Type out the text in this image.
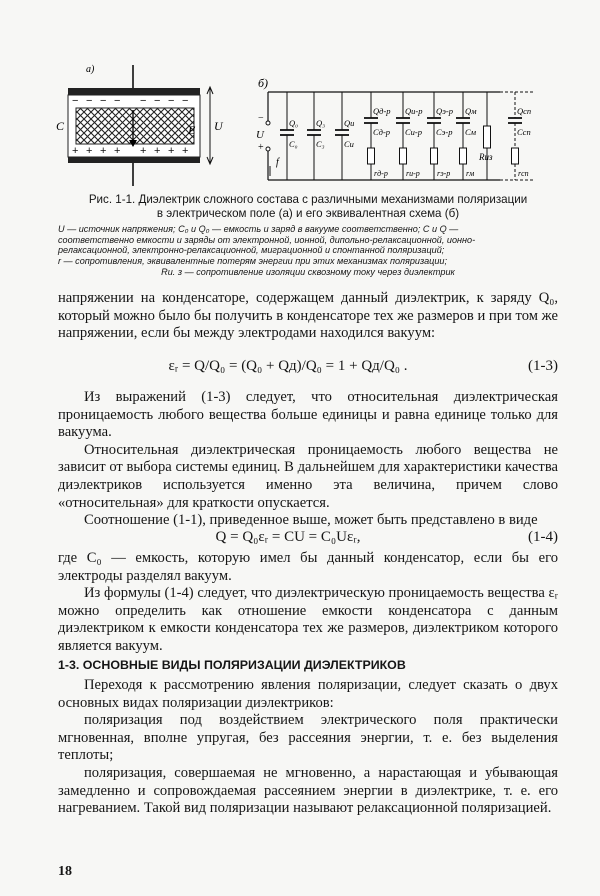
а)
− − − − − − − −
+ + + + + + + +
C	E U
б)
−
+
U
f
Q₀
C₀
Q₃
C₃
Qи
Cи
rд-р
Qд-р
Cд-р
rи-р
Qи-р
Cи-р
rэ-р
Qэ-р
Cэ-р
rм
Qм
Cм
Rиз
rсп
Qсп
Cсп
Рис. 1-1. Диэлектрик сложного состава с различными механизмами поляризации
в электрическом поле (а) и его эквивалентная схема (б)
U — источник напряжения; C₀ и Q₀ — емкость и заряд в вакууме соответственно; C и Q —
соответственно емкости и заряды от электронной, ионной, дипольно-релаксационной, ионно-
релаксационной, электронно-релаксационной, миграционной и спонтанной поляризаций;
r — сопротивления, эквивалентные потерям энергии при этих механизмах поляризации;
Rи. з — сопротивление изоляции сквозному току через диэлектрик

напряжении на конденсаторе, содержащем данный диэлектрик, к заряду Q₀, который можно было бы получить в конденсаторе тех же размеров и при том же напряжении, если бы между электродами находился вакуум:

εᵣ = Q/Q₀ = (Q₀ + Qд)/Q₀ = 1 + Qд/Q₀ .	(1-3)

Из выражений (1-3) следует, что относительная диэлектрическая проницаемость любого вещества больше единицы и равна единице только для вакуума.

Относительная диэлектрическая проницаемость любого вещества не зависит от выбора системы единиц. В дальнейшем для характеристики качества диэлектриков используется именно эта величина, причем слово «относительная» для краткости опускается.

Соотношение (1-1), приведенное выше, может быть представлено в виде

Q = Q₀εᵣ = CU = C₀Uεᵣ,	(1-4)

где C₀ — емкость, которую имел бы данный конденсатор, если бы его электроды разделял вакуум.

Из формулы (1-4) следует, что диэлектрическую проницаемость вещества εᵣ можно определить как отношение емкости конденсатора с данным диэлектриком к емкости конденсатора тех же размеров, диэлектриком которого является вакуум.

1-3. ОСНОВНЫЕ ВИДЫ ПОЛЯРИЗАЦИИ ДИЭЛЕКТРИКОВ

Переходя к рассмотрению явления поляризации, следует сказать о двух основных видах поляризации диэлектриков:

поляризация под воздействием электрического поля практически мгновенная, вполне упругая, без рассеяния энергии, т. е. без выделения теплоты;

поляризация, совершаемая не мгновенно, а нарастающая и убывающая замедленно и сопровождаемая рассеянием энергии в диэлектрике, т. е. его нагреванием. Такой вид поляризации называют релаксационной поляризацией.

18
